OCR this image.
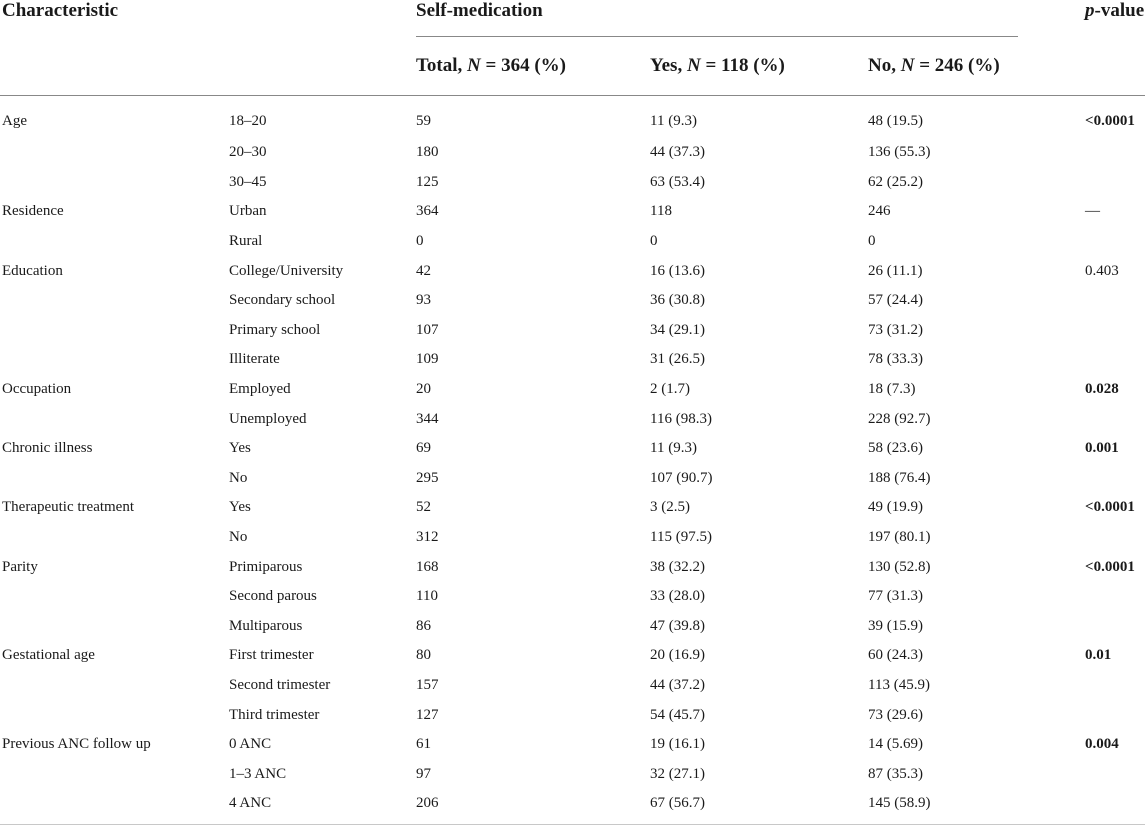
Characteristic		Self-medication			p-value
		Total, N = 364 (%)	Yes, N = 118 (%)	No, N = 246 (%)	
Age	18–20	59	11 (9.3)	48 (19.5)	<0.0001
	20–30	180	44 (37.3)	136 (55.3)	
	30–45	125	63 (53.4)	62 (25.2)	
Residence	Urban	364	118	246	—
	Rural	0	0	0	
Education	College/University	42	16 (13.6)	26 (11.1)	0.403
	Secondary school	93	36 (30.8)	57 (24.4)	
	Primary school	107	34 (29.1)	73 (31.2)	
	Illiterate	109	31 (26.5)	78 (33.3)	
Occupation	Employed	20	2 (1.7)	18 (7.3)	0.028
	Unemployed	344	116 (98.3)	228 (92.7)	
Chronic illness	Yes	69	11 (9.3)	58 (23.6)	0.001
	No	295	107 (90.7)	188 (76.4)	
Therapeutic treatment	Yes	52	3 (2.5)	49 (19.9)	<0.0001
	No	312	115 (97.5)	197 (80.1)	
Parity	Primiparous	168	38 (32.2)	130 (52.8)	<0.0001
	Second parous	110	33 (28.0)	77 (31.3)	
	Multiparous	86	47 (39.8)	39 (15.9)	
Gestational age	First trimester	80	20 (16.9)	60 (24.3)	0.01
	Second trimester	157	44 (37.2)	113 (45.9)	
	Third trimester	127	54 (45.7)	73 (29.6)	
Previous ANC follow up	0 ANC	61	19 (16.1)	14 (5.69)	0.004
	1–3 ANC	97	32 (27.1)	87 (35.3)	
	4 ANC	206	67 (56.7)	145 (58.9)	
